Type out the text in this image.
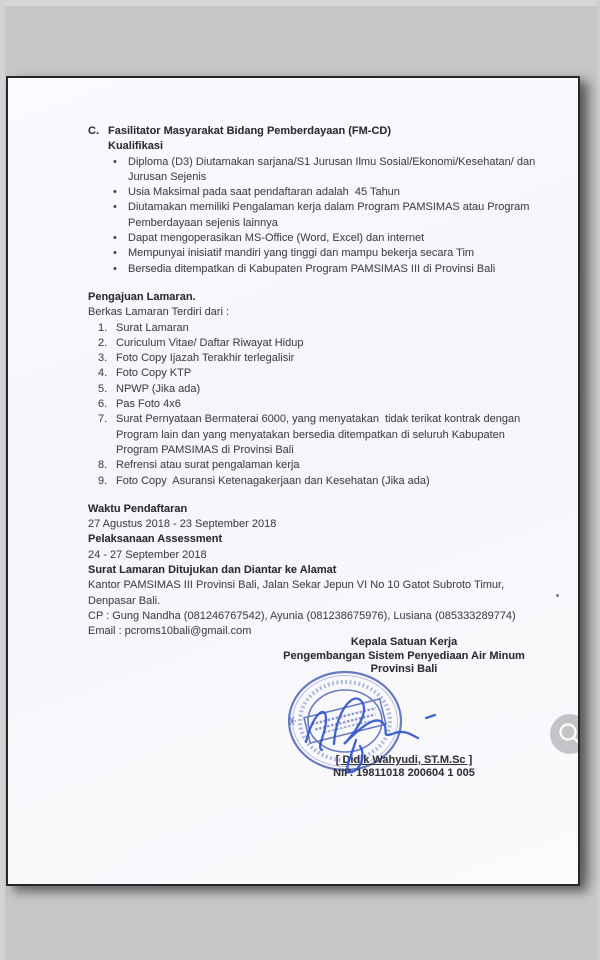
C. Fasilitator Masyarakat Bidang Pemberdayaan (FM-CD)
Kualifikasi
•	Diploma (D3) Diutamakan sarjana/S1 Jurusan Ilmu Sosial/Ekonomi/Kesehatan/ dan Jurusan Sejenis
•	Usia Maksimal pada saat pendaftaran adalah  45 Tahun
•	Diutamakan memiliki Pengalaman kerja dalam Program PAMSIMAS atau Program Pemberdayaan sejenis lainnya
•	Dapat mengoperasikan MS-Office (Word, Excel) dan internet
•	Mempunyai inisiatif mandiri yang tinggi dan mampu bekerja secara Tim
•	Bersedia ditempatkan di Kabupaten Program PAMSIMAS III di Provinsi Bali
Pengajuan Lamaran.
Berkas Lamaran Terdiri dari :
1. Surat Lamaran
2. Curiculum Vitae/ Daftar Riwayat Hidup
3. Foto Copy Ijazah Terakhir terlegalisir
4. Foto Copy KTP
5. NPWP (Jika ada)
6. Pas Foto 4x6
7. Surat Pernyataan Bermaterai 6000, yang menyatakan  tidak terikat kontrak dengan Program lain dan yang menyatakan bersedia ditempatkan di seluruh Kabupaten Program PAMSIMAS di Provinsi Bali
8. Refrensi atau surat pengalaman kerja
9. Foto Copy  Asuransi Ketenagakerjaan dan Kesehatan (Jika ada)
Waktu Pendaftaran
27 Agustus 2018 - 23 September 2018
Pelaksanaan Assessment
24 - 27 September 2018
Surat Lamaran Ditujukan dan Diantar ke Alamat
Kantor PAMSIMAS III Provinsi Bali, Jalan Sekar Jepun VI No 10 Gatot Subroto Timur, Denpasar Bali.
CP : Gung Nandha (081246767542), Ayunia (081238675976), Lusiana (085333289774)
Email : pcroms10bali@gmail.com
Kepala Satuan Kerja
Pengembangan Sistem Penyediaan Air Minum
Provinsi Bali
[ Didik Wahyudi, ST.M.Sc ]
NIP. 19811018 200604 1 005
